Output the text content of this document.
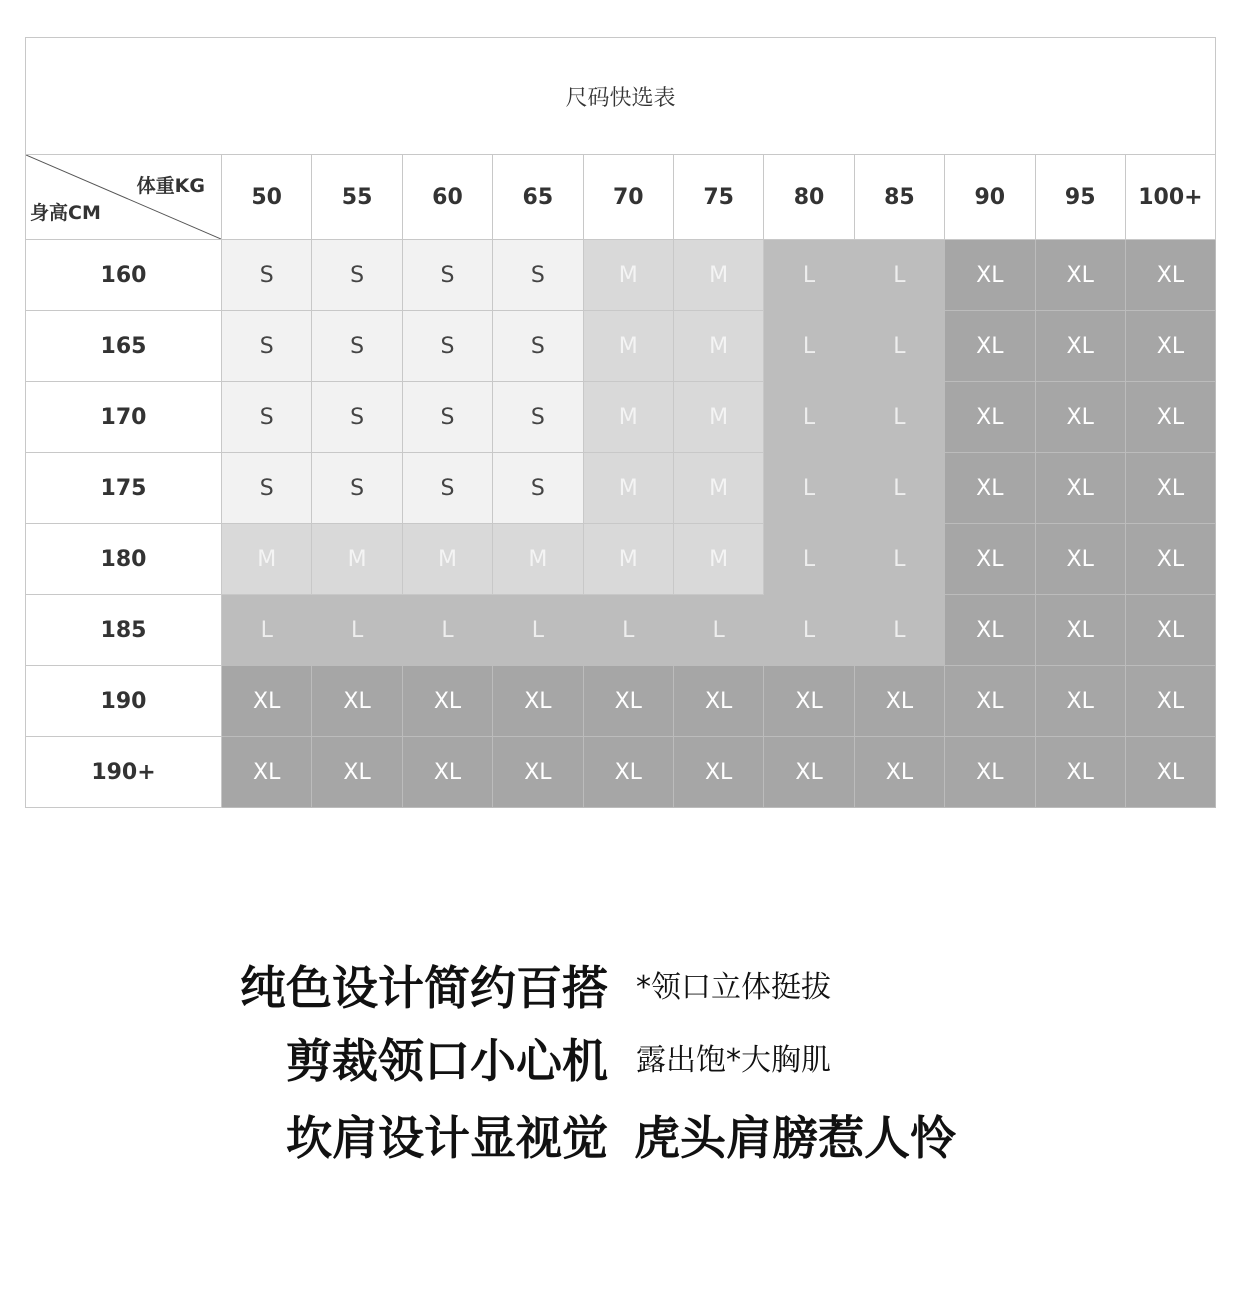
尺码快选表											

体重KG
身高CM	50	55	60	65	70	75	80	85	90	95	100+
160	S	S	S	S	M	M	L	L	XL	XL	XL
165	S	S	S	S	M	M	L	L	XL	XL	XL
170	S	S	S	S	M	M	L	L	XL	XL	XL
175	S	S	S	S	M	M	L	L	XL	XL	XL
180	M	M	M	M	M	M	L	L	XL	XL	XL
185	L	L	L	L	L	L	L	L	XL	XL	XL
190	XL	XL	XL	XL	XL	XL	XL	XL	XL	XL	XL
190+	XL	XL	XL	XL	XL	XL	XL	XL	XL	XL	XL
纯色设计简约百搭 *领口立体挺拔
剪裁领口小心机 露出饱*大胸肌
坎肩设计显视觉 虎头肩膀惹人怜
